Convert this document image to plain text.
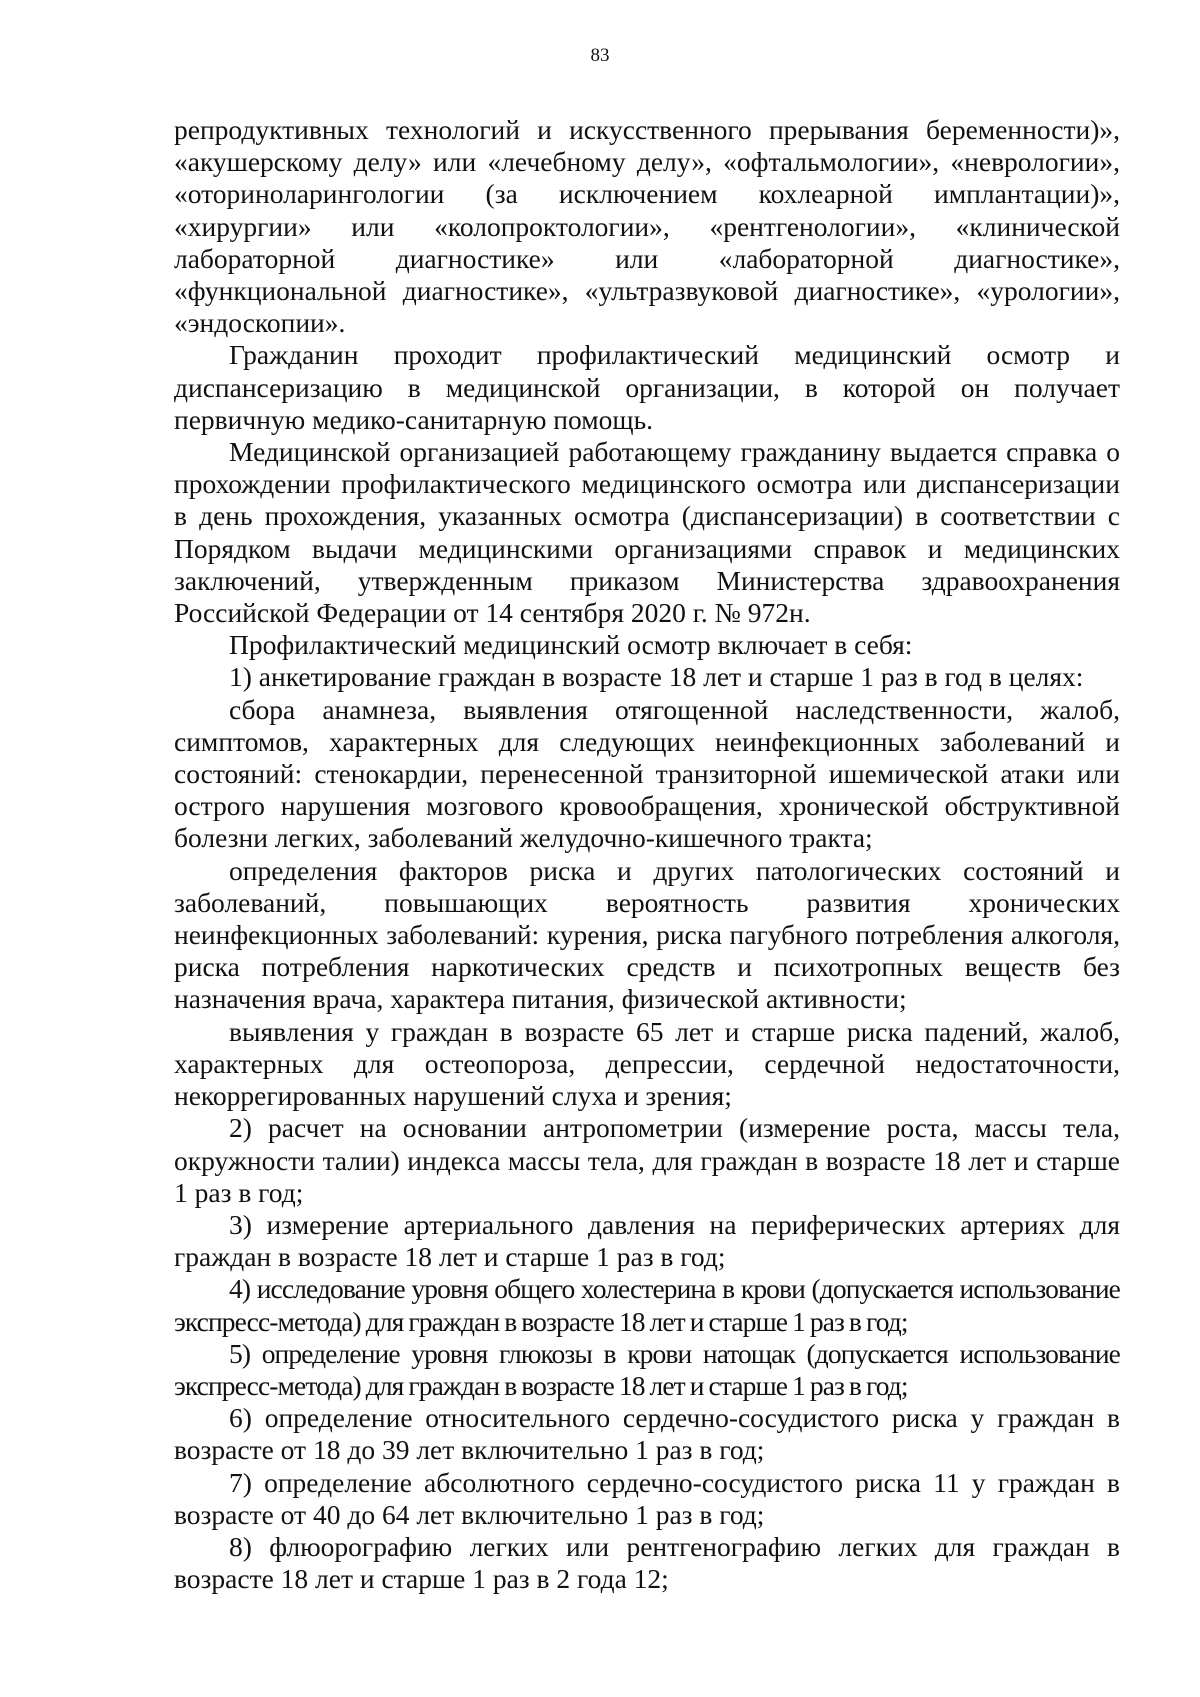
83

репродуктивных технологий и искусственного прерывания беременности)», «акушерскому делу» или «лечебному делу», «офтальмологии», «неврологии», «оториноларингологии (за исключением кохлеарной имплантации)», «хирургии» или «колопроктологии», «рентгенологии», «клинической лабораторной диагностике» или «лабораторной диагностике», «функциональной диагностике», «ультразвуковой диагностике», «урологии», «эндоскопии».

Гражданин проходит профилактический медицинский осмотр и диспансеризацию в медицинской организации, в которой он получает первичную медико-санитарную помощь.

Медицинской организацией работающему гражданину выдается справка о прохождении профилактического медицинского осмотра или диспансеризации в день прохождения, указанных осмотра (диспансеризации) в соответствии с Порядком выдачи медицинскими организациями справок и медицинских заключений, утвержденным приказом Министерства здравоохранения Российской Федерации от 14 сентября 2020 г. № 972н.

Профилактический медицинский осмотр включает в себя:

1) анкетирование граждан в возрасте 18 лет и старше 1 раз в год в целях:

сбора анамнеза, выявления отягощенной наследственности, жалоб, симптомов, характерных для следующих неинфекционных заболеваний и состояний: стенокардии, перенесенной транзиторной ишемической атаки или острого нарушения мозгового кровообращения, хронической обструктивной болезни легких, заболеваний желудочно-кишечного тракта;

определения факторов риска и других патологических состояний и заболеваний, повышающих вероятность развития хронических неинфекционных заболеваний: курения, риска пагубного потребления алкоголя, риска потребления наркотических средств и психотропных веществ без назначения врача, характера питания, физической активности;

выявления у граждан в возрасте 65 лет и старше риска падений, жалоб, характерных для остеопороза, депрессии, сердечной недостаточности, некоррегированных нарушений слуха и зрения;

2) расчет на основании антропометрии (измерение роста, массы тела, окружности талии) индекса массы тела, для граждан в возрасте 18 лет и старше 1 раз в год;

3) измерение артериального давления на периферических артериях для граждан в возрасте 18 лет и старше 1 раз в год;

4) исследование уровня общего холестерина в крови (допускается использование экспресс-метода) для граждан в возрасте 18 лет и старше 1 раз в год;

5) определение уровня глюкозы в крови натощак (допускается использование экспресс-метода) для граждан в возрасте 18 лет и старше 1 раз в год;

6) определение относительного сердечно-сосудистого риска у граждан в возрасте от 18 до 39 лет включительно 1 раз в год;

7) определение абсолютного сердечно-сосудистого риска 11 у граждан в возрасте от 40 до 64 лет включительно 1 раз в год;

8) флюорографию легких или рентгенографию легких для граждан в возрасте 18 лет и старше 1 раз в 2 года 12;
